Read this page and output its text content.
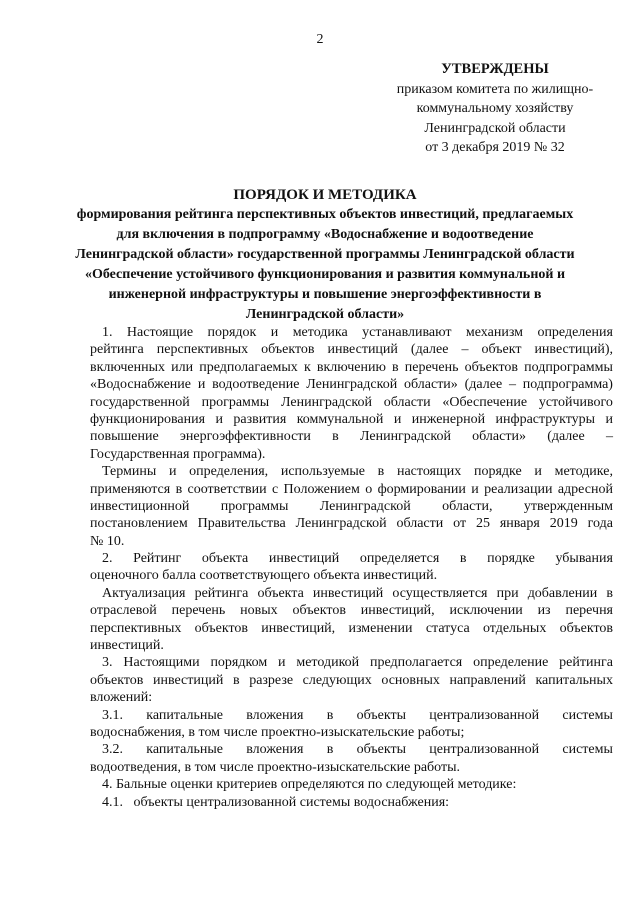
2
УТВЕРЖДЕНЫ
приказом комитета по жилищно-
коммунальному хозяйству
Ленинградской области
от 3 декабря 2019 № 32
ПОРЯДОК И МЕТОДИКА
формирования рейтинга перспективных объектов инвестиций, предлагаемых
для включения в подпрограмму «Водоснабжение и водоотведение
Ленинградской области» государственной программы Ленинградской области
«Обеспечение устойчивого функционирования и развития коммунальной и
инженерной инфраструктуры и повышение энергоэффективности в
Ленинградской области»
1. Настоящие порядок и методика устанавливают механизм определения
рейтинга перспективных объектов инвестиций (далее – объект инвестиций),
включенных или предполагаемых к включению в перечень объектов подпрограммы
«Водоснабжение и водоотведение Ленинградской области» (далее – подпрограмма)
государственной программы Ленинградской области «Обеспечение устойчивого
функционирования и развития коммунальной и инженерной инфраструктуры и
повышение энергоэффективности в Ленинградской области» (далее –
Государственная программа).
Термины и определения, используемые в настоящих порядке и методике,
применяются в соответствии с Положением о формировании и реализации адресной
инвестиционной программы Ленинградской области, утвержденным
постановлением Правительства Ленинградской области от 25 января 2019 года
№ 10.
2. Рейтинг объекта инвестиций определяется в порядке убывания
оценочного балла соответствующего объекта инвестиций.
Актуализация рейтинга объекта инвестиций осуществляется при добавлении в
отраслевой перечень новых объектов инвестиций, исключении из перечня
перспективных объектов инвестиций, изменении статуса отдельных объектов
инвестиций.
3. Настоящими порядком и методикой предполагается определение рейтинга
объектов инвестиций в разрезе следующих основных направлений капитальных
вложений:
3.1. капитальные вложения в объекты централизованной системы
водоснабжения, в том числе проектно-изыскательские работы;
3.2. капитальные вложения в объекты централизованной системы
водоотведения, в том числе проектно-изыскательские работы.
4. Бальные оценки критериев определяются по следующей методике:
4.1.   объекты централизованной системы водоснабжения:
